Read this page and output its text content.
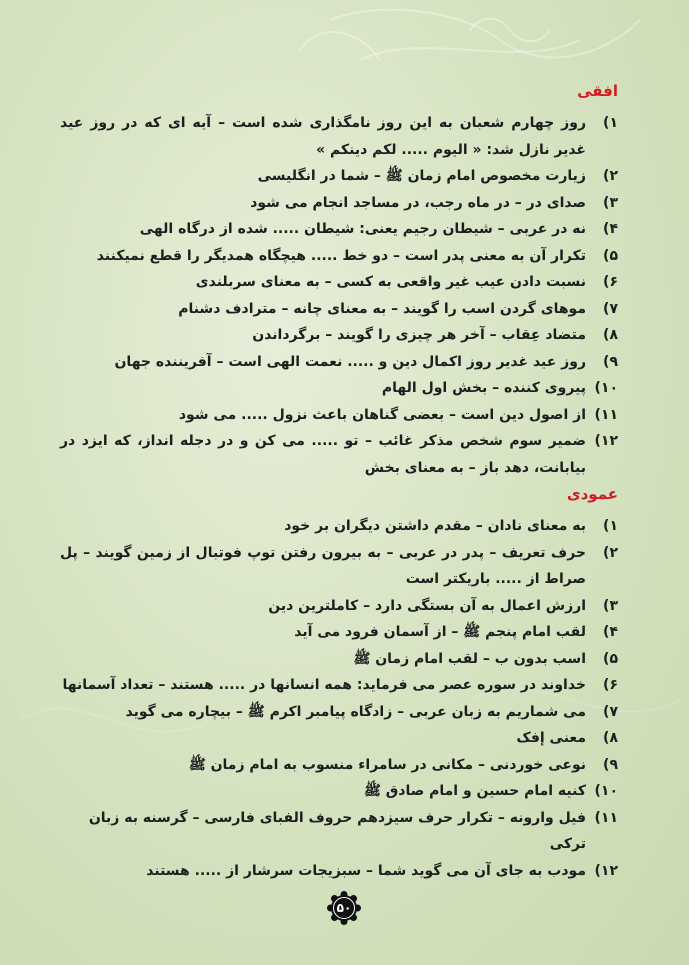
افقی
۱)
روز چهارم شعبان به این روز نامگذاری شده است – آیه ای که در روز عید غدیر نازل شد: « الیوم ..... لکم دینکم »
۲)
زیارت مخصوص امام زمان ﷺ – شما در انگلیسی
۳)
صدای در – در ماه رجب، در مساجد انجام می شود
۴)
نه در عربی – شیطان رجیم یعنی: شیطان ..... شده از درگاه الهی
۵)
تکرار آن به معنی پدر است – دو خط ..... هیچگاه همدیگر را قطع نمیکنند
۶)
نسبت دادن عیب غیر واقعی به کسی – به معنای سربلندی
۷)
موهای گردن اسب را گویند – به معنای چانه – مترادف دشنام
۸)
متضاد عِقاب – آخر هر چیزی را گویند – برگرداندن
۹)
روز عید غدیر روز اکمال دین و ..... نعمت الهی است – آفریننده جهان
۱۰)
پیروی کننده – بخش اول الهام
۱۱)
از اصول دین است – بعضی گناهان باعث نزول ..... می شود
۱۲)
ضمیر سوم شخص مذکر غائب – تو ..... می کن و در دجله انداز، که ایزد در بیابانت، دهد باز – به معنای بخش
عمودی
۱)
به معنای نادان – مقدم داشتن دیگران بر خود
۲)
حرف تعریف – پدر در عربی – به بیرون رفتن توپ فوتبال از زمین گویند – پل صراط از ..... باریکتر است
۳)
ارزش اعمال به آن بستگی دارد – کاملترین دین
۴)
لقب امام پنجم ﷺ – از آسمان فرود می آید
۵)
اسب بدون ب – لقب امام زمان ﷺ
۶)
خداوند در سوره عصر می فرماید: همه انسانها در ..... هستند – تعداد آسمانها
۷)
می شماریم به زبان عربی – زادگاه پیامبر اکرم ﷺ – بیچاره می گوید
۸)
معنی إفک
۹)
نوعی خوردنی – مکانی در سامراء منسوب به امام زمان ﷺ
۱۰)
کنیه امام حسین و امام صادق ﷺ
۱۱)
فیل وارونه – تکرار حرف سیزدهم حروف الفبای فارسی – گرسنه به زبان ترکی
۱۲)
مودب به جای آن می گوید شما – سبزیجات سرشار از ..... هستند
۵۰
